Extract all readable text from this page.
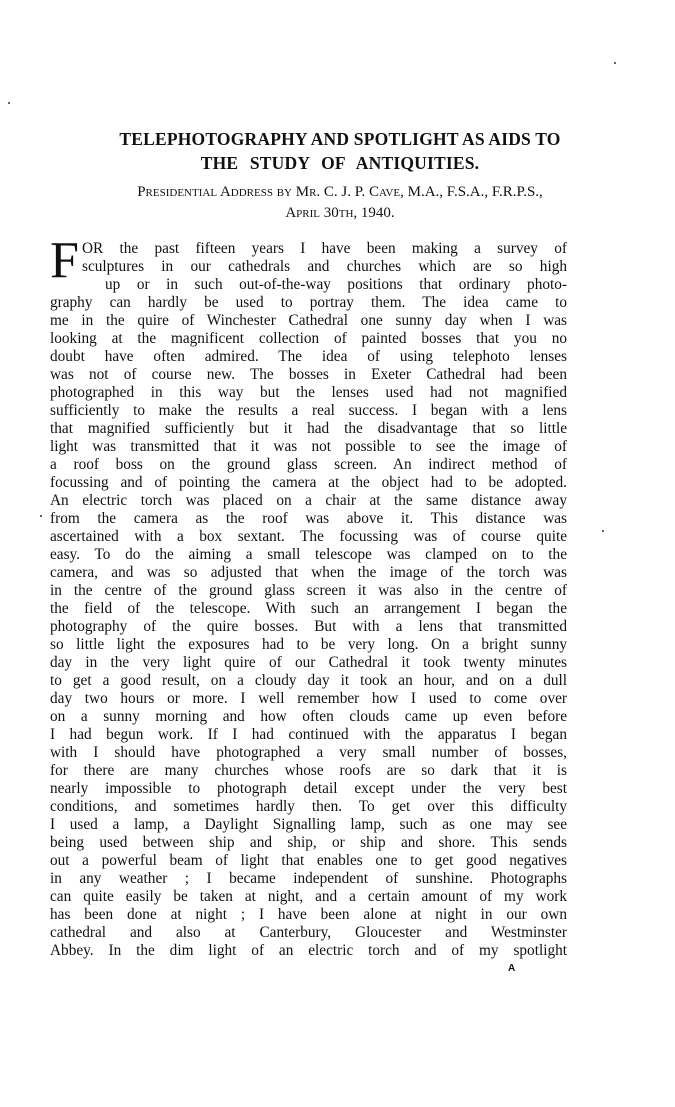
TELEPHOTOGRAPHY AND SPOTLIGHT AS AIDS TO
THE STUDY OF ANTIQUITIES.

Presidential Address by Mr. C. J. P. Cave, M.A., F.S.A., F.R.P.S.,

April 30th, 1940.

F OR the past fifteen years I have been making a survey of

sculptures in our cathedrals and churches which are so high

up or in such out-of-the-way positions that ordinary photo-

graphy can hardly be used to portray them. The idea came to

me in the quire of Winchester Cathedral one sunny day when I was

looking at the magnificent collection of painted bosses that you no

doubt have often admired. The idea of using telephoto lenses

was not of course new. The bosses in Exeter Cathedral had been

photographed in this way but the lenses used had not magnified

sufficiently to make the results a real success. I began with a lens

that magnified sufficiently but it had the disadvantage that so little

light was transmitted that it was not possible to see the image of

a roof boss on the ground glass screen. An indirect method of

focussing and of pointing the camera at the object had to be adopted.

An electric torch was placed on a chair at the same distance away

from the camera as the roof was above it. This distance was

ascertained with a box sextant. The focussing was of course quite

easy. To do the aiming a small telescope was clamped on to the

camera, and was so adjusted that when the image of the torch was

in the centre of the ground glass screen it was also in the centre of

the field of the telescope. With such an arrangement I began the

photography of the quire bosses. But with a lens that transmitted

so little light the exposures had to be very long. On a bright sunny

day in the very light quire of our Cathedral it took twenty minutes

to get a good result, on a cloudy day it took an hour, and on a dull

day two hours or more. I well remember how I used to come over

on a sunny morning and how often clouds came up even before

I had begun work. If I had continued with the apparatus I began

with I should have photographed a very small number of bosses,

for there are many churches whose roofs are so dark that it is

nearly impossible to photograph detail except under the very best

conditions, and sometimes hardly then. To get over this difficulty

I used a lamp, a Daylight Signalling lamp, such as one may see

being used between ship and ship, or ship and shore. This sends

out a powerful beam of light that enables one to get good negatives

in any weather ; I became independent of sunshine. Photographs

can quite easily be taken at night, and a certain amount of my work

has been done at night ; I have been alone at night in our own

cathedral and also at Canterbury, Gloucester and Westminster

Abbey. In the dim light of an electric torch and of my spotlight

A
